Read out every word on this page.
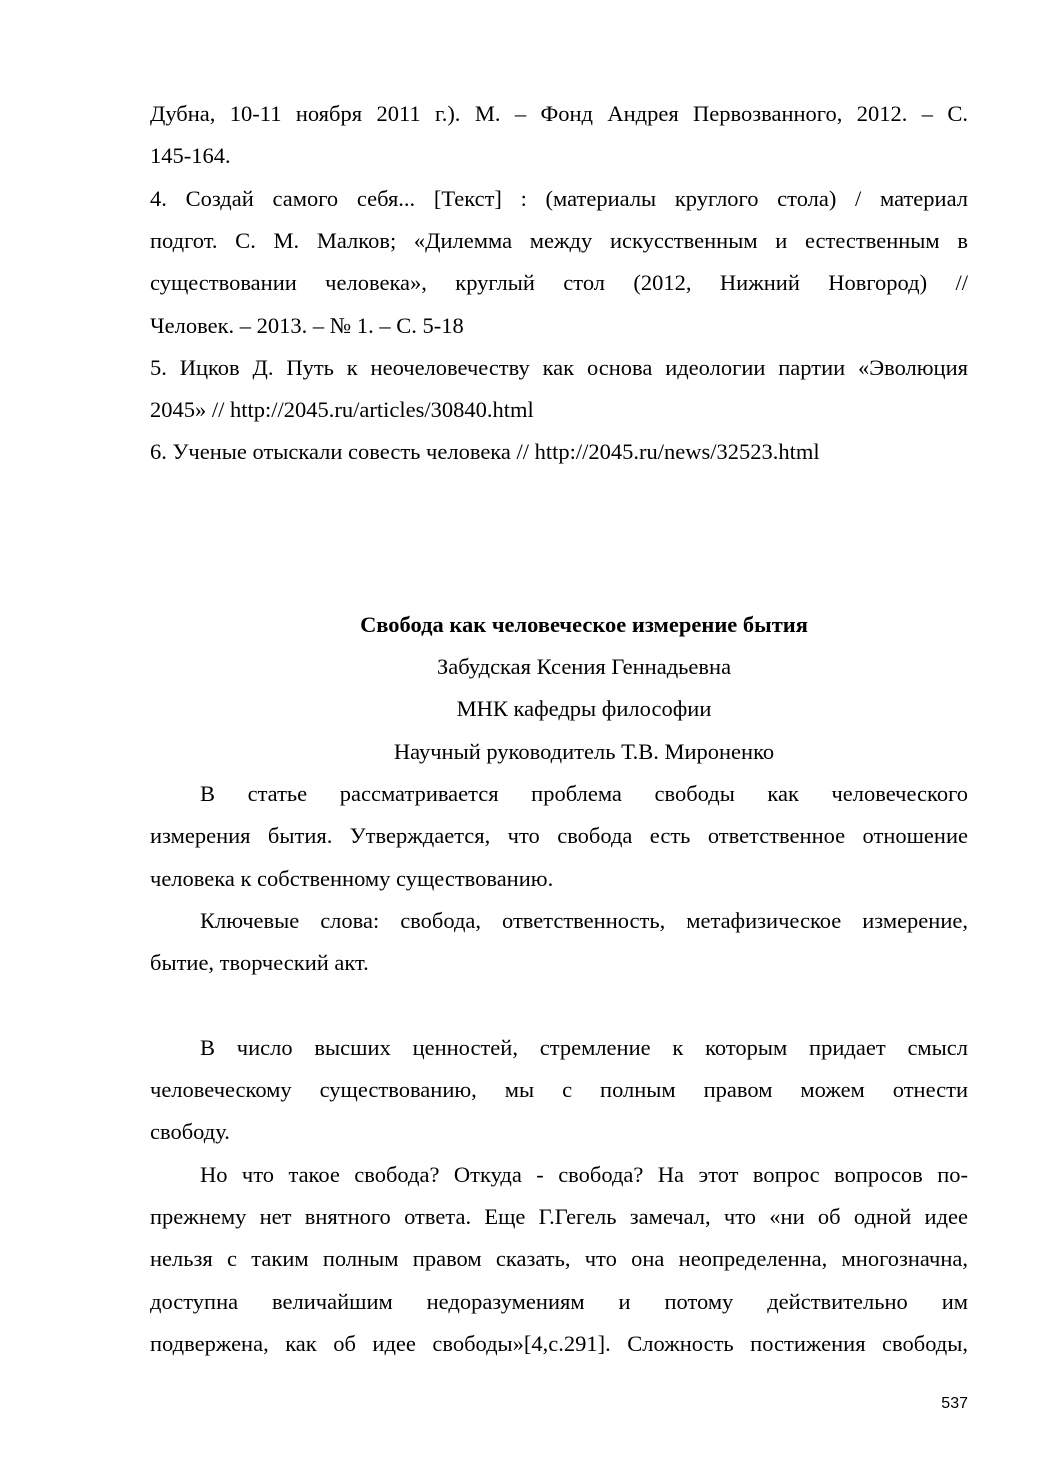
Дубна, 10-11 ноября 2011 г.). М. – Фонд Андрея Первозванного, 2012. – С.
145-164.
4. Создай самого себя... [Текст] : (материалы круглого стола) / материал
подгот. С. М. Малков; «Дилемма между искусственным и естественным в
существовании человека», круглый стол (2012, Нижний Новгород) //
Человек. – 2013. – № 1. – С. 5-18
5. Ицков Д. Путь к неочеловечеству как основа идеологии партии «Эволюция
2045» // http://2045.ru/articles/30840.html
6. Ученые отыскали совесть человека // http://2045.ru/news/32523.html
Свобода как человеческое измерение бытия
Забудская Ксения Геннадьевна
МНК кафедры философии
Научный руководитель Т.В. Мироненко
В статье рассматривается проблема свободы как человеческого
измерения бытия. Утверждается, что свобода есть ответственное отношение
человека к собственному существованию.
Ключевые слова: свобода, ответственность, метафизическое измерение,
бытие, творческий акт.
В число высших ценностей, стремление к которым придает смысл
человеческому существованию, мы с полным правом можем отнести
свободу.
Но что такое свобода? Откуда - свобода? На этот вопрос вопросов по-
прежнему нет внятного ответа. Еще Г.Гегель замечал, что «ни об одной идее
нельзя с таким полным правом сказать, что она неопределенна, многозначна,
доступна величайшим недоразумениям и потому действительно им
подвержена, как об идее свободы»[4,с.291]. Сложность постижения свободы,
537
